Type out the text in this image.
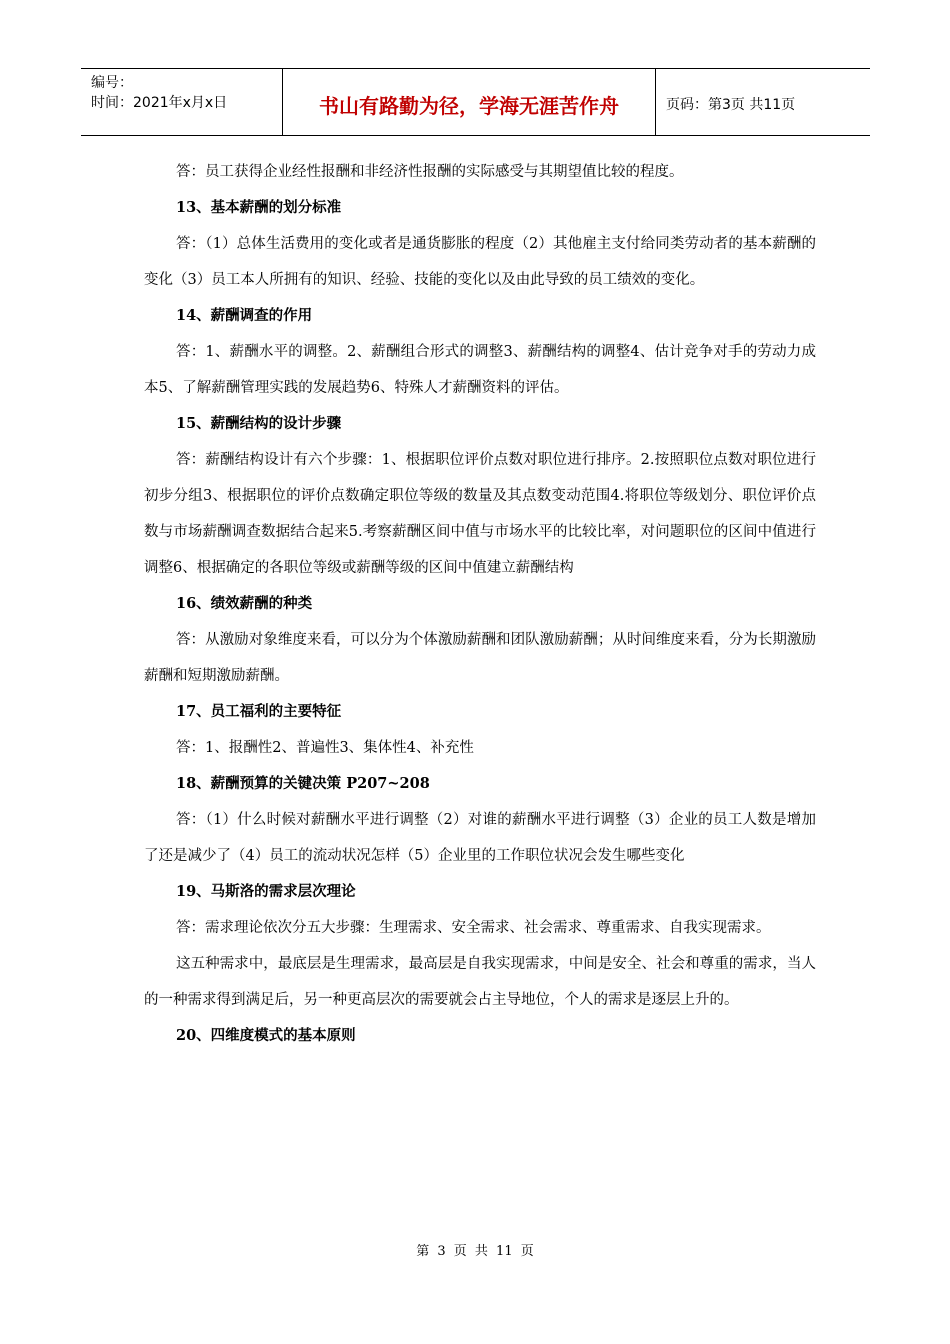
编号：
时间：2021年x月x日	书山有路勤为径，学海无涯苦作舟	页码：第3页 共11页

答：员工获得企业经性报酬和非经济性报酬的实际感受与其期望值比较的程度。

13、基本薪酬的划分标准

答：（1）总体生活费用的变化或者是通货膨胀的程度（2）其他雇主支付给同类劳动者的基本薪酬的变化（3）员工本人所拥有的知识、经验、技能的变化以及由此导致的员工绩效的变化。

14、薪酬调查的作用

答：1、薪酬水平的调整。2、薪酬组合形式的调整3、薪酬结构的调整4、估计竞争对手的劳动力成本5、了解薪酬管理实践的发展趋势6、特殊人才薪酬资料的评估。

15、薪酬结构的设计步骤

答：薪酬结构设计有六个步骤：1、根据职位评价点数对职位进行排序。2.按照职位点数对职位进行初步分组3、根据职位的评价点数确定职位等级的数量及其点数变动范围4.将职位等级划分、职位评价点数与市场薪酬调查数据结合起来5.考察薪酬区间中值与市场水平的比较比率，对问题职位的区间中值进行调整6、根据确定的各职位等级或薪酬等级的区间中值建立薪酬结构

16、绩效薪酬的种类

答：从激励对象维度来看，可以分为个体激励薪酬和团队激励薪酬；从时间维度来看，分为长期激励薪酬和短期激励薪酬。

17、员工福利的主要特征

答：1、报酬性2、普遍性3、集体性4、补充性

18、薪酬预算的关键决策 P207~208

答：（1）什么时候对薪酬水平进行调整（2）对谁的薪酬水平进行调整（3）企业的员工人数是增加了还是减少了（4）员工的流动状况怎样（5）企业里的工作职位状况会发生哪些变化

19、马斯洛的需求层次理论

答：需求理论依次分五大步骤：生理需求、安全需求、社会需求、尊重需求、自我实现需求。

这五种需求中，最底层是生理需求，最高层是自我实现需求，中间是安全、社会和尊重的需求，当人的一种需求得到满足后，另一种更高层次的需要就会占主导地位，个人的需求是逐层上升的。

20、四维度模式的基本原则

第 3 页 共 11 页
